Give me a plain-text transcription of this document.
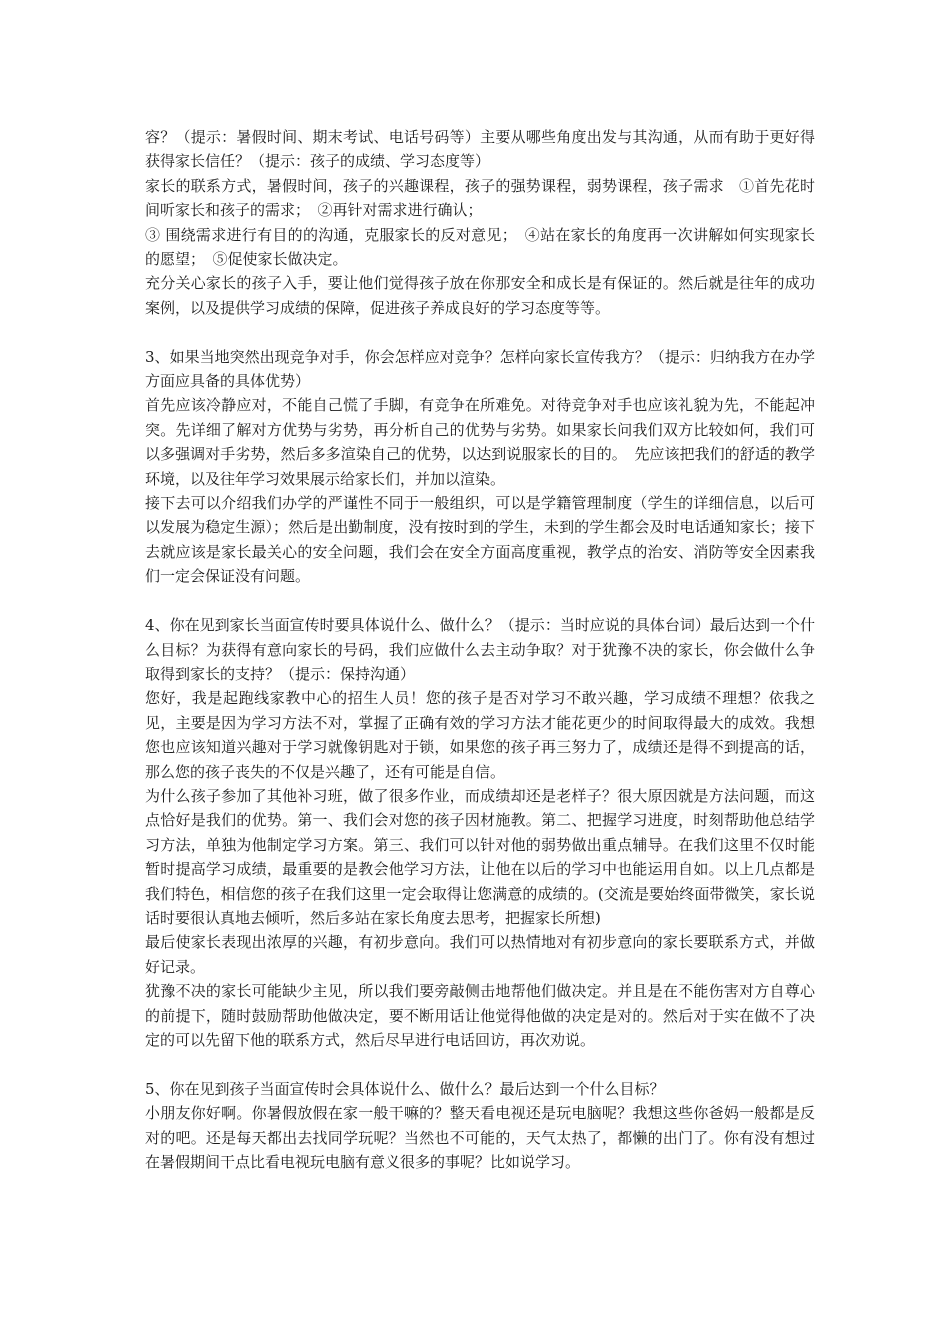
容？（提示：暑假时间、期末考试、电话号码等）主要从哪些角度出发与其沟通，从而有助于更好得获得家长信任？（提示：孩子的成绩、学习态度等）

家长的联系方式，暑假时间，孩子的兴趣课程，孩子的强势课程，弱势课程，孩子需求　①首先花时间听家长和孩子的需求；　②再针对需求进行确认；

③ 围绕需求进行有目的的沟通，克服家长的反对意见；　④站在家长的角度再一次讲解如何实现家长的愿望；　⑤促使家长做决定。

充分关心家长的孩子入手，要让他们觉得孩子放在你那安全和成长是有保证的。然后就是往年的成功案例，以及提供学习成绩的保障，促进孩子养成良好的学习态度等等。

3、如果当地突然出现竞争对手，你会怎样应对竞争？怎样向家长宣传我方？（提示：归纳我方在办学方面应具备的具体优势）

首先应该冷静应对，不能自己慌了手脚，有竞争在所难免。对待竞争对手也应该礼貌为先，不能起冲突。先详细了解对方优势与劣势，再分析自己的优势与劣势。如果家长问我们双方比较如何，我们可以多强调对手劣势，然后多多渲染自己的优势，以达到说服家长的目的。　先应该把我们的舒适的教学环境，以及往年学习效果展示给家长们，并加以渲染。

接下去可以介绍我们办学的严谨性不同于一般组织，可以是学籍管理制度（学生的详细信息，以后可以发展为稳定生源）；然后是出勤制度，没有按时到的学生，未到的学生都会及时电话通知家长；接下去就应该是家长最关心的安全问题，我们会在安全方面高度重视，教学点的治安、消防等安全因素我们一定会保证没有问题。

4、你在见到家长当面宣传时要具体说什么、做什么？（提示：当时应说的具体台词）最后达到一个什么目标？为获得有意向家长的号码，我们应做什么去主动争取？对于犹豫不决的家长，你会做什么争取得到家长的支持？（提示：保持沟通）

您好，我是起跑线家教中心的招生人员！您的孩子是否对学习不敢兴趣，学习成绩不理想？依我之见，主要是因为学习方法不对，掌握了正确有效的学习方法才能花更少的时间取得最大的成效。我想您也应该知道兴趣对于学习就像钥匙对于锁，如果您的孩子再三努力了，成绩还是得不到提高的话，那么您的孩子丧失的不仅是兴趣了，还有可能是自信。

为什么孩子参加了其他补习班，做了很多作业，而成绩却还是老样子？很大原因就是方法问题，而这点恰好是我们的优势。第一、我们会对您的孩子因材施教。第二、把握学习进度，时刻帮助他总结学习方法，单独为他制定学习方案。第三、我们可以针对他的弱势做出重点辅导。在我们这里不仅时能暂时提高学习成绩，最重要的是教会他学习方法，让他在以后的学习中也能运用自如。以上几点都是我们特色，相信您的孩子在我们这里一定会取得让您满意的成绩的。(交流是要始终面带微笑，家长说话时要很认真地去倾听，然后多站在家长角度去思考，把握家长所想)

最后使家长表现出浓厚的兴趣，有初步意向。我们可以热情地对有初步意向的家长要联系方式，并做好记录。

犹豫不决的家长可能缺少主见，所以我们要旁敲侧击地帮他们做决定。并且是在不能伤害对方自尊心的前提下，随时鼓励帮助他做决定，要不断用话让他觉得他做的决定是对的。然后对于实在做不了决定的可以先留下他的联系方式，然后尽早进行电话回访，再次劝说。

5、你在见到孩子当面宣传时会具体说什么、做什么？最后达到一个什么目标？

小朋友你好啊。你暑假放假在家一般干嘛的？整天看电视还是玩电脑呢？我想这些你爸妈一般都是反对的吧。还是每天都出去找同学玩呢？当然也不可能的，天气太热了，都懒的出门了。你有没有想过在暑假期间干点比看电视玩电脑有意义很多的事呢？比如说学习。
